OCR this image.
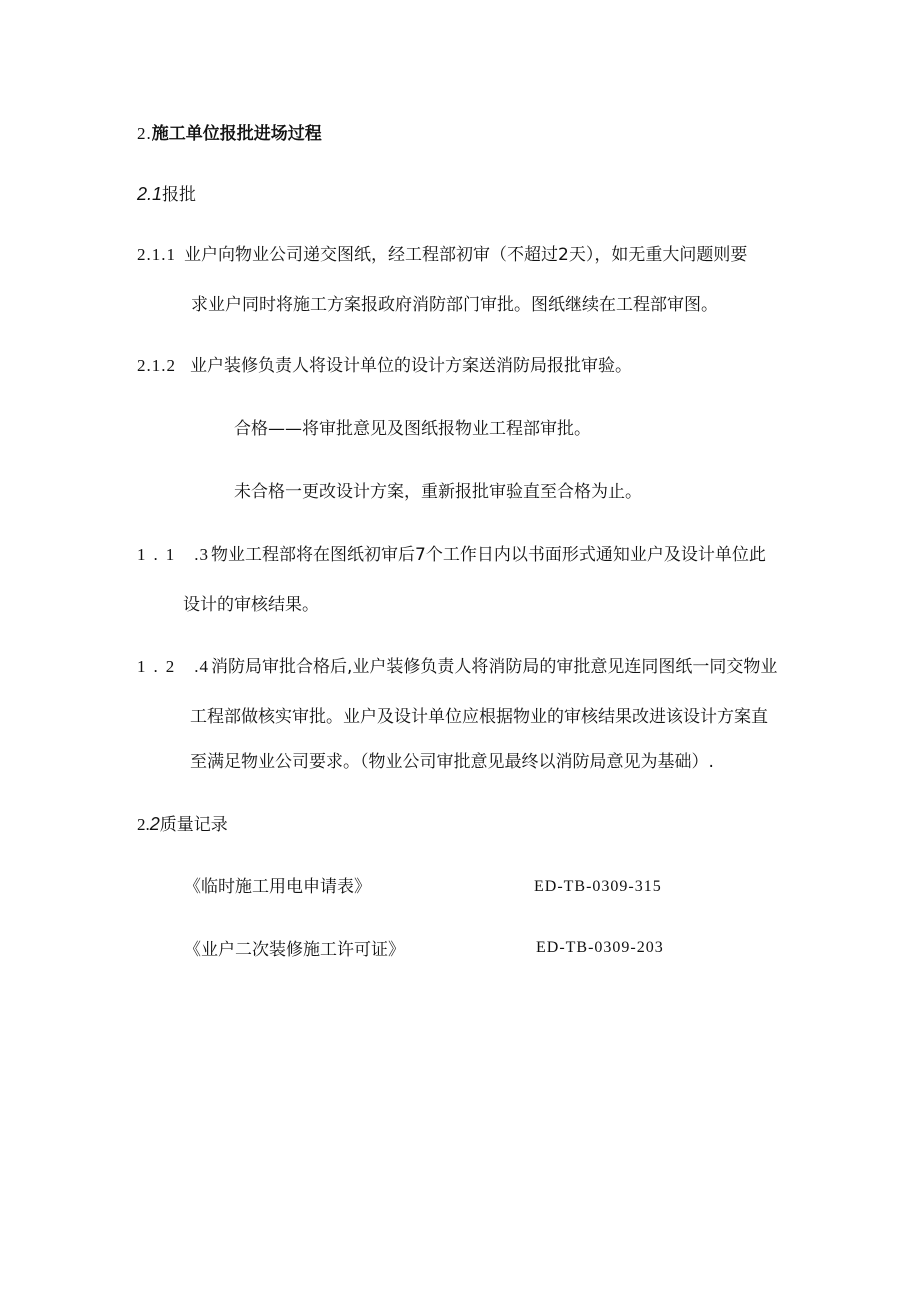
2.施工单位报批进场过程
2.1报批
2.1.1 业户向物业公司递交图纸，经工程部初审（不超过2天），如无重大问题则要
求业户同时将施工方案报政府消防部门审批。图纸继续在工程部审图。
2.1.2 业户装修负责人将设计单位的设计方案送消防局报批审验。
合格——将审批意见及图纸报物业工程部审批。
未合格一更改设计方案，重新报批审验直至合格为止。
1.1 .3 物业工程部将在图纸初审后7个工作日内以书面形式通知业户及设计单位此
设计的审核结果。
1.2 .4 消防局审批合格后,业户装修负责人将消防局的审批意见连同图纸一同交物业
工程部做核实审批。业户及设计单位应根据物业的审核结果改进该设计方案直
至满足物业公司要求。（物业公司审批意见最终以消防局意见为基础）.
2.2质量记录
《临时施工用电申请表》	ED-TB-0309-315
《业户二次装修施工许可证》	ED-TB-0309-203
